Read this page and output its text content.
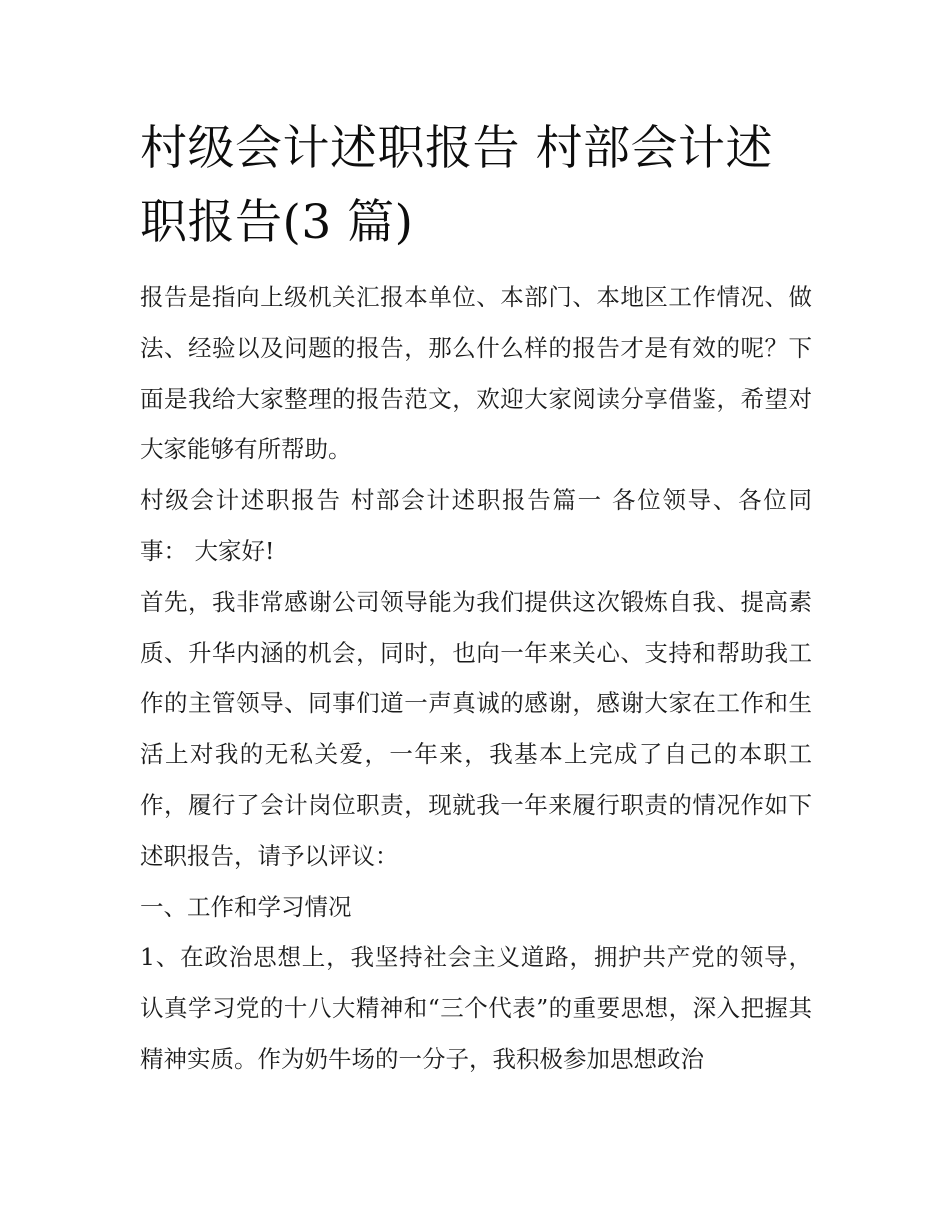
村级会计述职报告 村部会计述职报告(3 篇)

报告是指向上级机关汇报本单位、本部门、本地区工作情况、做法、经验以及问题的报告，那么什么样的报告才是有效的呢？下面是我给大家整理的报告范文，欢迎大家阅读分享借鉴，希望对大家能够有所帮助。

村级会计述职报告 村部会计述职报告篇一 各位领导、各位同事： 大家好!

首先，我非常感谢公司领导能为我们提供这次锻炼自我、提高素质、升华内涵的机会，同时，也向一年来关心、支持和帮助我工作的主管领导、同事们道一声真诚的感谢，感谢大家在工作和生活上对我的无私关爱，一年来，我基本上完成了自己的本职工作，履行了会计岗位职责，现就我一年来履行职责的情况作如下述职报告，请予以评议：

一、工作和学习情况

1、在政治思想上，我坚持社会主义道路，拥护共产党的领导，认真学习党的十八大精神和“三个代表”的重要思想，深入把握其精神实质。作为奶牛场的一分子，我积极参加思想政治
